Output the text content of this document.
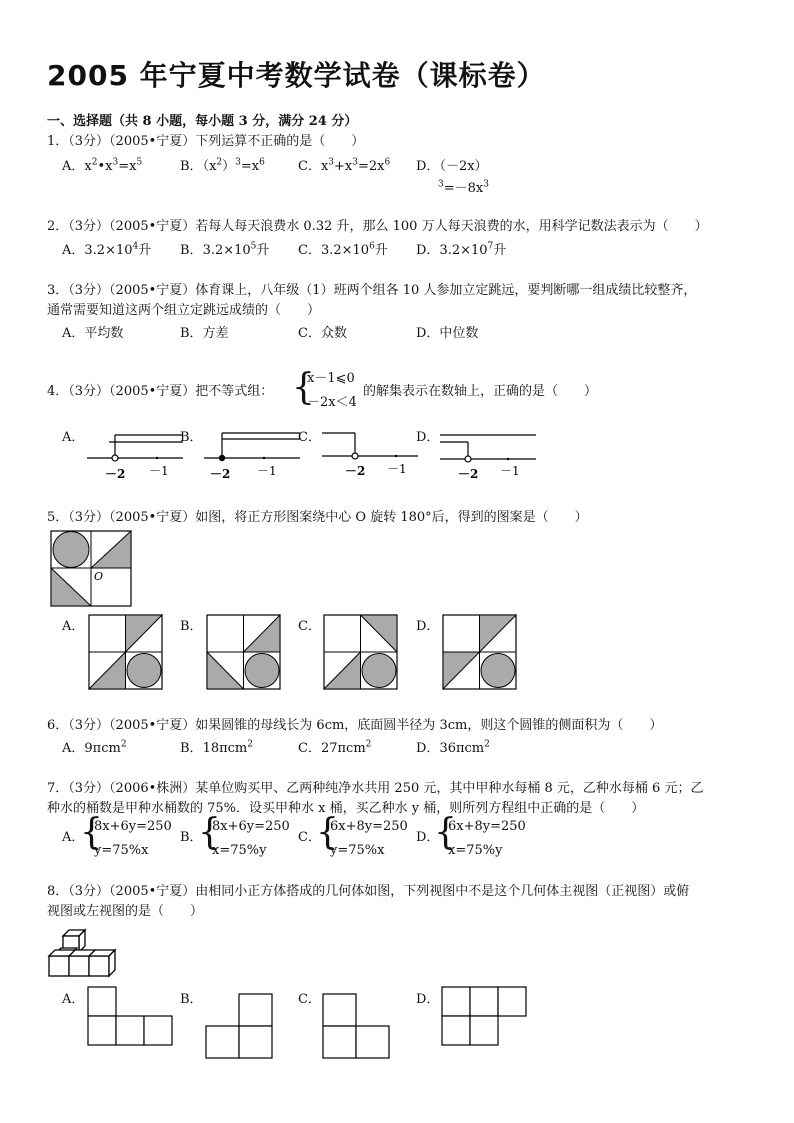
2005 年宁夏中考数学试卷（课标卷）
一、选择题（共 8 小题，每小题 3 分，满分 24 分）
1．（3分）（2005•宁夏）下列运算不正确的是（　　）
A．$x^2•x^3=x^5$	B．$(x^2)^3=x^6$	C．$x^3+x^3=2x^6$ D．（－2x）
$^3=-8x^3$
2．（3分）（2005•宁夏）若每人每天浪费水 0.32 升，那么 100 万人每天浪费的水，用科学记数法表示为（　　）
A．$3.2\times 10^4$升 B．$3.2\times 10^5$升 C．$3.2\times 10^6$升 D．$3.2\times 10^7$升
3．（3分）（2005•宁夏）体育课上，八年级（1）班两个组各 10 人参加立定跳远，要判断哪一组成绩比较整齐，
通常需要知道这两个组立定跳远成绩的（　　）
A．平均数	B．方差	C．众数	D．中位数
4．（3分）（2005•宁夏）把不等式组： {
x－1⩽0
－2x＜4
的解集表示在数轴上，正确的是（　　）
A．	B．	C．	D．
－2 －1	－2 －1	－2 －1	－2 －1
5．（3分）（2005•宁夏）如图，将正方形图案绕中心 O 旋转 180°后，得到的图案是（　　）
O
A．	B．	C．	D．
6．（3分）（2005•宁夏）如果圆锥的母线长为 6cm，底面圆半径为 3cm，则这个圆锥的侧面积为（　　）
A．9πcm$^2$	B．18πcm$^2$	C．27πcm$^2$	D．36πcm$^2$
7．（3分）（2006•株洲）某单位购买甲、乙两种纯净水共用 250 元，其中甲种水每桶 8 元，乙种水每桶 6 元；乙
种水的桶数是甲种水桶数的 75%．设买甲种水 x 桶，买乙种水 y 桶，则所列方程组中正确的是（　　）
A．
{
8x+6y=250
y=75%x
B．
{
8x+6y=250
x=75%y
C．
{
6x+8y=250
y=75%x
D．
{
6x+8y=250
x=75%y
8．（3分）（2005•宁夏）由相同小正方体搭成的几何体如图，下列视图中不是这个几何体主视图（正视图）或俯
视图或左视图的是（　　）
A．	B．	C．	D．
